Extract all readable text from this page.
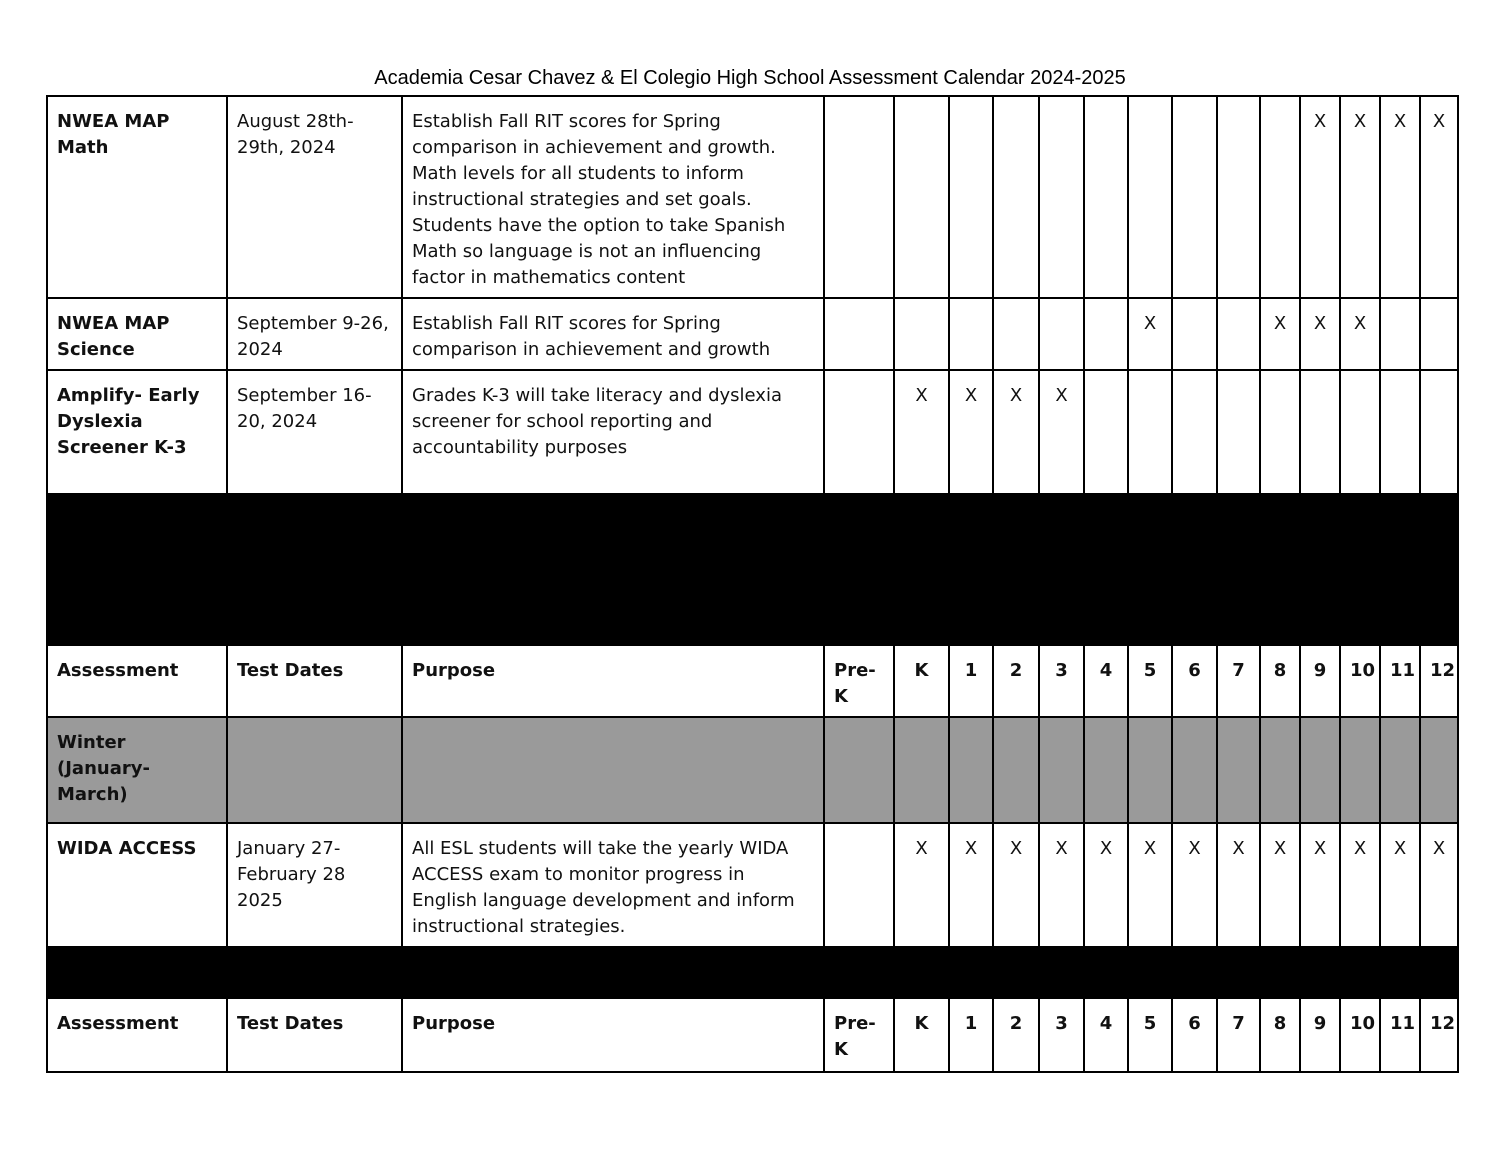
Academia Cesar Chavez & El Colegio High School Assessment Calendar 2024-2025
NWEA MAP Math	August 28th-29th, 2024	Establish Fall RIT scores for Spring comparison in achievement and growth. Math levels for all students to inform instructional strategies and set goals. Students have the option to take Spanish Math so language is not an influencing factor in mathematics content											X	X	X	X
NWEA MAP Science	September 9-26, 2024	Establish Fall RIT scores for Spring comparison in achievement and growth							X			X	X	X		
Amplify- Early Dyslexia Screener K-3	September 16-20, 2024	Grades K-3 will take literacy and dyslexia screener for school reporting and accountability purposes		X	X	X	X									

Assessment	Test Dates	Purpose	Pre-K	K	1	2	3	4	5	6	7	8	9	10	11	12
Winter (January-March)																
WIDA ACCESS	January 27-February 28 2025	All ESL students will take the yearly WIDA ACCESS exam to monitor progress in English language development and inform instructional strategies.		X	X	X	X	X	X	X	X	X	X	X	X	X

Assessment	Test Dates	Purpose	Pre-K	K	1	2	3	4	5	6	7	8	9	10	11	12
